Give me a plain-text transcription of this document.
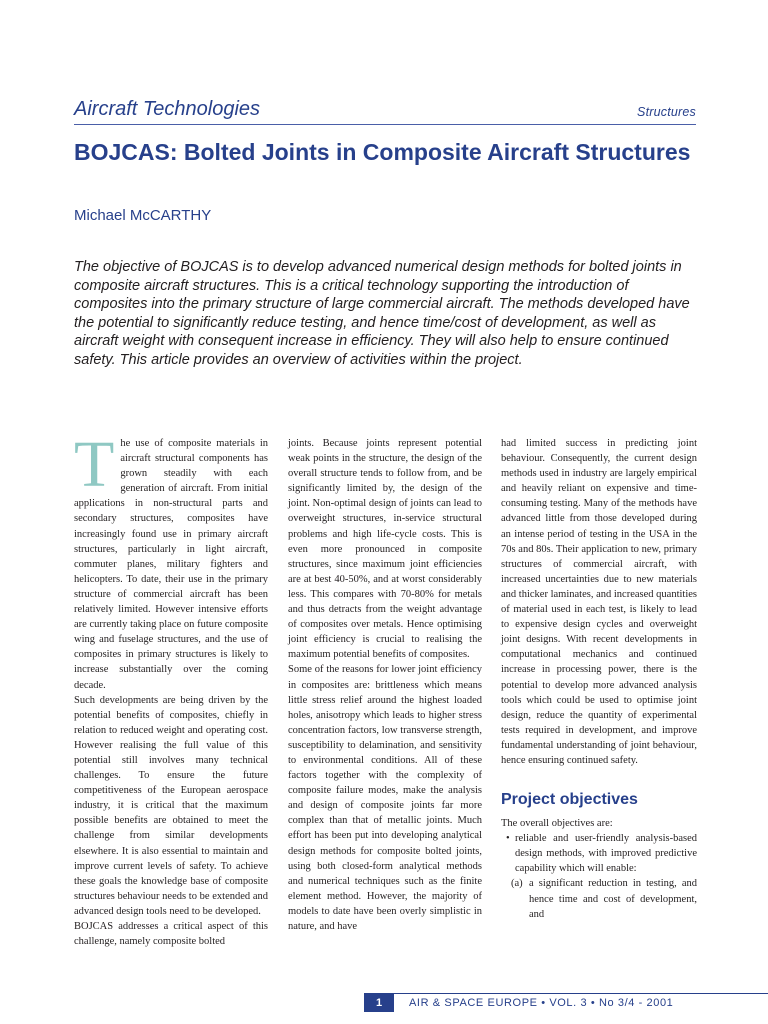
Aircraft Technologies	Structures
BOJCAS: Bolted Joints in Composite Aircraft Structures
Michael McCARTHY

The objective of BOJCAS is to develop advanced numerical design methods for bolted joints in composite aircraft structures. This is a critical technology supporting the introduction of composites into the primary structure of large commercial aircraft. The methods developed have the potential to significantly reduce testing, and hence time/cost of development, as well as aircraft weight with consequent increase in efficiency. They will also help to ensure continued safety. This article provides an overview of activities within the project.

T he use of composite materials in aircraft structural components has grown steadily with each generation of aircraft. From initial applications in non-structural parts and secondary structures, composites have increasingly found use in primary aircraft structures, particularly in light aircraft, commuter planes, military fighters and helicopters. To date, their use in the primary structure of commercial aircraft has been relatively limited. However intensive efforts are currently taking place on future composite wing and fuselage structures, and the use of composites in primary structures is likely to increase substantially over the coming decade.

Such developments are being driven by the potential benefits of composites, chiefly in relation to reduced weight and operating cost. However realising the full value of this potential still involves many technical challenges. To ensure the future competitiveness of the European aerospace industry, it is critical that the maximum possible benefits are obtained to meet the challenge from similar developments elsewhere. It is also essential to maintain and improve current levels of safety. To achieve these goals the knowledge base of composite structures behaviour needs to be extended and advanced design tools need to be developed.

BOJCAS addresses a critical aspect of this challenge, namely composite bolted

joints. Because joints represent potential weak points in the structure, the design of the overall structure tends to follow from, and be significantly limited by, the design of the joint. Non-optimal design of joints can lead to overweight structures, in-service structural problems and high life-cycle costs. This is even more pronounced in composite structures, since maximum joint efficiencies are at best 40-50%, and at worst considerably less. This compares with 70-80% for metals and thus detracts from the weight advantage of composites over metals. Hence optimising joint efficiency is crucial to realising the maximum potential benefits of composites.

Some of the reasons for lower joint efficiency in composites are: brittleness which means little stress relief around the highest loaded holes, anisotropy which leads to higher stress concentration factors, low transverse strength, susceptibility to delamination, and sensitivity to environmental conditions. All of these factors together with the complexity of composite failure modes, make the analysis and design of composite joints far more complex than that of metallic joints. Much effort has been put into developing analytical design methods for composite bolted joints, using both closed-form analytical methods and numerical techniques such as the finite element method. However, the majority of models to date have been overly simplistic in nature, and have

had limited success in predicting joint behaviour. Consequently, the current design methods used in industry are largely empirical and heavily reliant on expensive and time-consuming testing. Many of the methods have advanced little from those developed during an intense period of testing in the USA in the 70s and 80s. Their application to new, primary structures of commercial aircraft, with increased uncertainties due to new materials and thicker laminates, and increased quantities of material used in each test, is likely to lead to expensive design cycles and overweight joint designs. With recent developments in computational mechanics and continued increase in processing power, there is the potential to develop more advanced analysis tools which could be used to optimise joint design, reduce the quantity of experimental tests required in development, and improve fundamental understanding of joint behaviour, hence ensuring continued safety.

Project objectives

The overall objectives are:

• reliable and user-friendly analysis-based design methods, with improved predictive capability which will enable:
(a) a significant reduction in testing, and hence time and cost of development, and
1	AIR & SPACE EUROPE • VOL. 3 • No 3/4 - 2001
